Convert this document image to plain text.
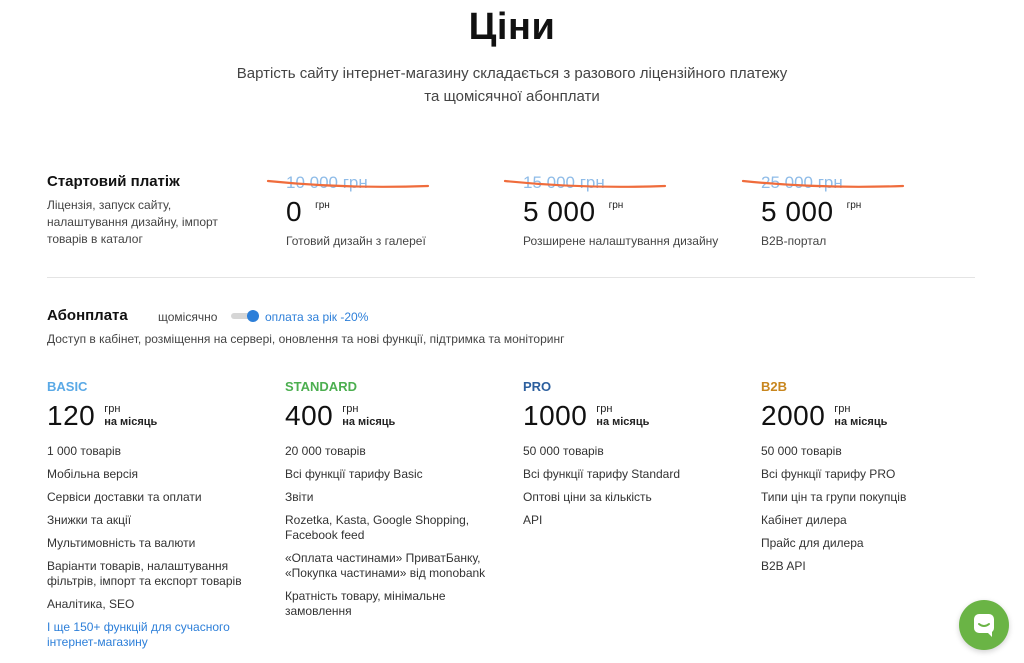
Ціни
Вартість сайту інтернет-магазину складається з разового ліцензійного платежу
та щомісячної абонплати
Стартовий платіж
Ліцензія, запуск сайту, налаштування дизайну, імпорт товарів в каталог
10 000 грн
0 грн
Готовий дизайн з галереї
15 000 грн
5 000 грн
Розширене налаштування дизайну
25 000 грн
5 000 грн
B2B-портал
Абонплата	щомісячно	оплата за рік -20%
Доступ в кабінет, розміщення на сервері, оновлення та нові функції, підтримка та моніторинг
BASIC
120 грн
на місяць
1 000 товарів
Мобільна версія
Сервіси доставки та оплати
Знижки та акції
Мультимовність та валюти
Варіанти товарів, налаштування фільтрів, імпорт та експорт товарів
Аналітика, SEO
І ще 150+ функцій для сучасного інтернет-магазину
STANDARD
400 грн
на місяць
20 000 товарів
Всі функції тарифу Basic
Звіти
Rozetka, Kasta, Google Shopping, Facebook feed
«Оплата частинами» ПриватБанку, «Покупка частинами» від monobank
Кратність товару, мінімальне замовлення
PRO
1000 грн
на місяць
50 000 товарів
Всі функції тарифу Standard
Оптові ціни за кількість
API
B2B
2000 грн
на місяць
50 000 товарів
Всі функції тарифу PRO
Типи цін та групи покупців
Кабінет дилера
Прайс для дилера
B2B API
